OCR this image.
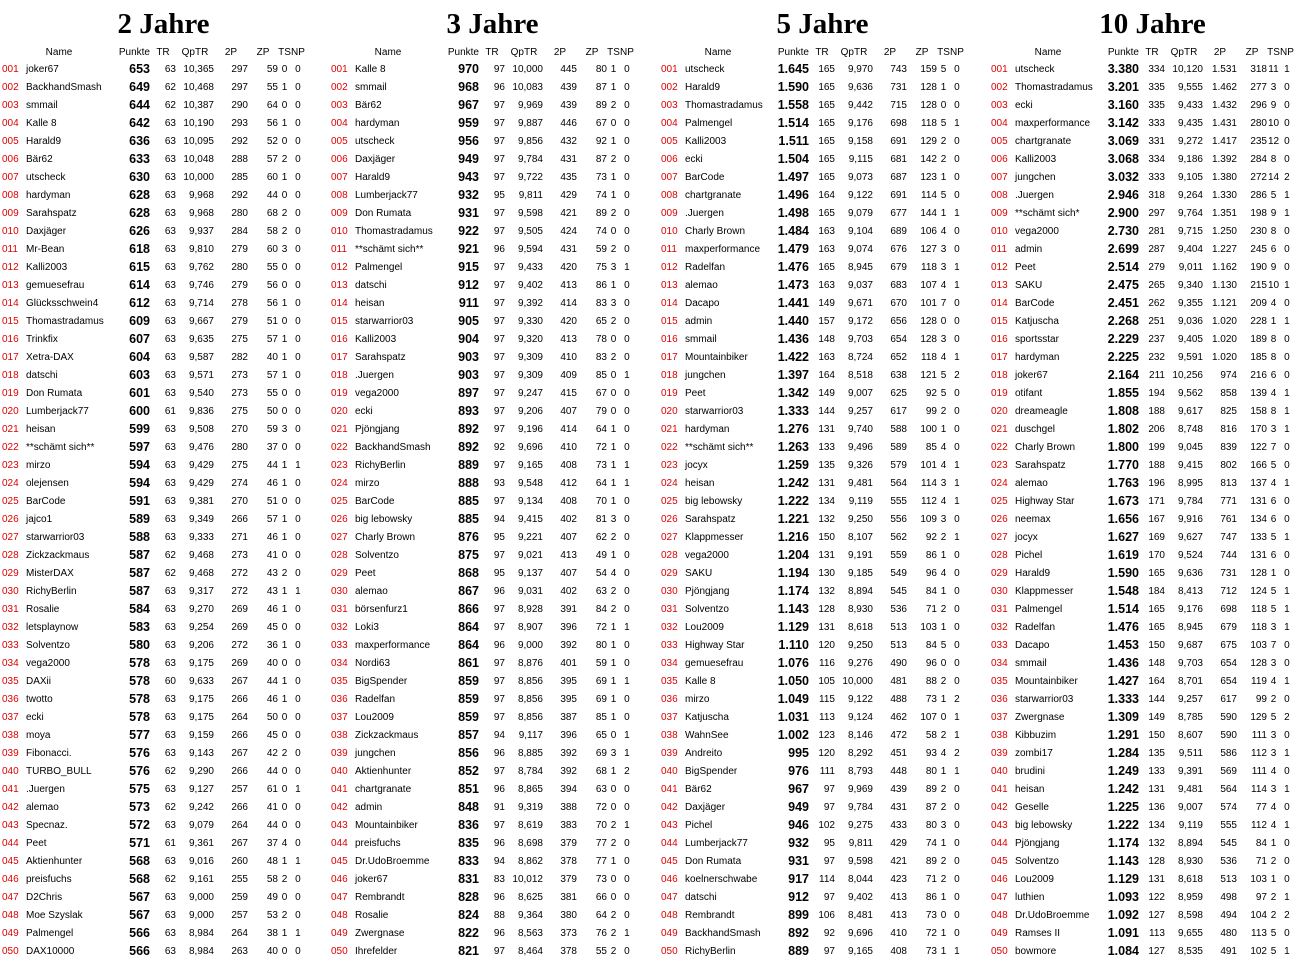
2 Jahre
Name		Punkte	TR	QpTR	2P	ZP	TS	NP
001	joker67	653	63	10,365	297	59	0	0
002	BackhandSmash	649	62	10,468	297	55	1	0
003	smmail	644	62	10,387	290	64	0	0
004	Kalle 8	642	63	10,190	293	56	1	0
005	Harald9	636	63	10,095	292	52	0	0
006	Bär62	633	63	10,048	288	57	2	0
007	utscheck	630	63	10,000	285	60	1	0
008	hardyman	628	63	9,968	292	44	0	0
009	Sarahspatz	628	63	9,968	280	68	2	0
010	Daxjäger	626	63	9,937	284	58	2	0
011	Mr-Bean	618	63	9,810	279	60	3	0
012	Kalli2003	615	63	9,762	280	55	0	0
013	gemuesefrau	614	63	9,746	279	56	0	0
014	Glücksschwein4	612	63	9,714	278	56	1	0
015	Thomastradamus	609	63	9,667	279	51	0	0
016	Trinkfix	607	63	9,635	275	57	1	0
017	Xetra-DAX	604	63	9,587	282	40	1	0
018	datschi	603	63	9,571	273	57	1	0
019	Don Rumata	601	63	9,540	273	55	0	0
020	Lumberjack77	600	61	9,836	275	50	0	0
021	heisan	599	63	9,508	270	59	3	0
022	**schämt sich**	597	63	9,476	280	37	0	0
023	mirzo	594	63	9,429	275	44	1	1
024	olejensen	594	63	9,429	274	46	1	0
025	BarCode	591	63	9,381	270	51	0	0
026	jajco1	589	63	9,349	266	57	1	0
027	starwarrior03	588	63	9,333	271	46	1	0
028	Zickzackmaus	587	62	9,468	273	41	0	0
029	MisterDAX	587	62	9,468	272	43	2	0
030	RichyBerlin	587	63	9,317	272	43	1	1
031	Rosalie	584	63	9,270	269	46	1	0
032	letsplaynow	583	63	9,254	269	45	0	0
033	Solventzo	580	63	9,206	272	36	1	0
034	vega2000	578	63	9,175	269	40	0	0
035	DAXii	578	60	9,633	267	44	1	0
036	twotto	578	63	9,175	266	46	1	0
037	ecki	578	63	9,175	264	50	0	0
038	moya	577	63	9,159	266	45	0	0
039	Fibonacci.	576	63	9,143	267	42	2	0
040	TURBO_BULL	576	62	9,290	266	44	0	0
041	.Juergen	575	63	9,127	257	61	0	1
042	alemao	573	62	9,242	266	41	0	0
043	Specnaz.	572	63	9,079	264	44	0	0
044	Peet	571	61	9,361	267	37	4	0
045	Aktienhunter	568	63	9,016	260	48	1	1
046	preisfuchs	568	62	9,161	255	58	2	0
047	D2Chris	567	63	9,000	259	49	0	0
048	Moe Szyslak	567	63	9,000	257	53	2	0
049	Palmengel	566	63	8,984	264	38	1	1
050	DAX10000	566	63	8,984	263	40	0	0
3 Jahre
Name		Punkte	TR	QpTR	2P	ZP	TS	NP
001	Kalle 8	970	97	10,000	445	80	1	0
002	smmail	968	96	10,083	439	87	1	0
003	Bär62	967	97	9,969	439	89	2	0
004	hardyman	959	97	9,887	446	67	0	0
005	utscheck	956	97	9,856	432	92	1	0
006	Daxjäger	949	97	9,784	431	87	2	0
007	Harald9	943	97	9,722	435	73	1	0
008	Lumberjack77	932	95	9,811	429	74	1	0
009	Don Rumata	931	97	9,598	421	89	2	0
010	Thomastradamus	922	97	9,505	424	74	0	0
011	**schämt sich**	921	96	9,594	431	59	2	0
012	Palmengel	915	97	9,433	420	75	3	1
013	datschi	912	97	9,402	413	86	1	0
014	heisan	911	97	9,392	414	83	3	0
015	starwarrior03	905	97	9,330	420	65	2	0
016	Kalli2003	904	97	9,320	413	78	0	0
017	Sarahspatz	903	97	9,309	410	83	2	0
018	.Juergen	903	97	9,309	409	85	0	1
019	vega2000	897	97	9,247	415	67	0	0
020	ecki	893	97	9,206	407	79	0	0
021	Pjöngjang	892	97	9,196	414	64	1	0
022	BackhandSmash	892	92	9,696	410	72	1	0
023	RichyBerlin	889	97	9,165	408	73	1	1
024	mirzo	888	93	9,548	412	64	1	1
025	BarCode	885	97	9,134	408	70	1	0
026	big lebowsky	885	94	9,415	402	81	3	0
027	Charly Brown	876	95	9,221	407	62	2	0
028	Solventzo	875	97	9,021	413	49	1	0
029	Peet	868	95	9,137	407	54	4	0
030	alemao	867	96	9,031	402	63	2	0
031	börsenfurz1	866	97	8,928	391	84	2	0
032	Loki3	864	97	8,907	396	72	1	1
033	maxperformance	864	96	9,000	392	80	1	0
034	Nordi63	861	97	8,876	401	59	1	0
035	BigSpender	859	97	8,856	395	69	1	1
036	Radelfan	859	97	8,856	395	69	1	0
037	Lou2009	859	97	8,856	387	85	1	0
038	Zickzackmaus	857	94	9,117	396	65	0	1
039	jungchen	856	96	8,885	392	69	3	1
040	Aktienhunter	852	97	8,784	392	68	1	2
041	chartgranate	851	96	8,865	394	63	0	0
042	admin	848	91	9,319	388	72	0	0
043	Mountainbiker	836	97	8,619	383	70	2	1
044	preisfuchs	835	96	8,698	379	77	2	0
045	Dr.UdoBroemme	833	94	8,862	378	77	1	0
046	joker67	831	83	10,012	379	73	0	0
047	Rembrandt	828	96	8,625	381	66	0	0
048	Rosalie	824	88	9,364	380	64	2	0
049	Zwergnase	822	96	8,563	373	76	2	1
050	Ihrefelder	821	97	8,464	378	55	2	0
5 Jahre
Name		Punkte	TR	QpTR	2P	ZP	TS	NP
001	utscheck	1.645	165	9,970	743	159	5	0
002	Harald9	1.590	165	9,636	731	128	1	0
003	Thomastradamus	1.558	165	9,442	715	128	0	0
004	Palmengel	1.514	165	9,176	698	118	5	1
005	Kalli2003	1.511	165	9,158	691	129	2	0
006	ecki	1.504	165	9,115	681	142	2	0
007	BarCode	1.497	165	9,073	687	123	1	0
008	chartgranate	1.496	164	9,122	691	114	5	0
009	.Juergen	1.498	165	9,079	677	144	1	1
010	Charly Brown	1.484	163	9,104	689	106	4	0
011	maxperformance	1.479	163	9,074	676	127	3	0
012	Radelfan	1.476	165	8,945	679	118	3	1
013	alemao	1.473	163	9,037	683	107	4	1
014	Dacapo	1.441	149	9,671	670	101	7	0
015	admin	1.440	157	9,172	656	128	0	0
016	smmail	1.436	148	9,703	654	128	3	0
017	Mountainbiker	1.422	163	8,724	652	118	4	1
018	jungchen	1.397	164	8,518	638	121	5	2
019	Peet	1.342	149	9,007	625	92	5	0
020	starwarrior03	1.333	144	9,257	617	99	2	0
021	hardyman	1.276	131	9,740	588	100	1	0
022	**schämt sich**	1.263	133	9,496	589	85	4	0
023	jocyx	1.259	135	9,326	579	101	4	1
024	heisan	1.242	131	9,481	564	114	3	1
025	big lebowsky	1.222	134	9,119	555	112	4	1
026	Sarahspatz	1.221	132	9,250	556	109	3	0
027	Klappmesser	1.216	150	8,107	562	92	2	1
028	vega2000	1.204	131	9,191	559	86	1	0
029	SAKU	1.194	130	9,185	549	96	4	0
030	Pjöngjang	1.174	132	8,894	545	84	1	0
031	Solventzo	1.143	128	8,930	536	71	2	0
032	Lou2009	1.129	131	8,618	513	103	1	0
033	Highway Star	1.110	120	9,250	513	84	5	0
034	gemuesefrau	1.076	116	9,276	490	96	0	0
035	Kalle 8	1.050	105	10,000	481	88	2	0
036	mirzo	1.049	115	9,122	488	73	1	2
037	Katjuscha	1.031	113	9,124	462	107	0	1
038	WahnSee	1.002	123	8,146	472	58	2	1
039	Andreito	995	120	8,292	451	93	4	2
040	BigSpender	976	111	8,793	448	80	1	1
041	Bär62	967	97	9,969	439	89	2	0
042	Daxjäger	949	97	9,784	431	87	2	0
043	Pichel	946	102	9,275	433	80	3	0
044	Lumberjack77	932	95	9,811	429	74	1	0
045	Don Rumata	931	97	9,598	421	89	2	0
046	koelnerschwabe	917	114	8,044	423	71	2	0
047	datschi	912	97	9,402	413	86	1	0
048	Rembrandt	899	106	8,481	413	73	0	0
049	BackhandSmash	892	92	9,696	410	72	1	0
050	RichyBerlin	889	97	9,165	408	73	1	1
10 Jahre
Name		Punkte	TR	QpTR	2P	ZP	TS	NP
001	utscheck	3.380	334	10,120	1.531	318	11	1
002	Thomastradamus	3.201	335	9,555	1.462	277	3	0
003	ecki	3.160	335	9,433	1.432	296	9	0
004	maxperformance	3.142	333	9,435	1.431	280	10	0
005	chartgranate	3.069	331	9,272	1.417	235	12	0
006	Kalli2003	3.068	334	9,186	1.392	284	8	0
007	jungchen	3.032	333	9,105	1.380	272	14	2
008	.Juergen	2.946	318	9,264	1.330	286	5	1
009	**schämt sich*	2.900	297	9,764	1.351	198	9	1
010	vega2000	2.730	281	9,715	1.250	230	8	0
011	admin	2.699	287	9,404	1.227	245	6	0
012	Peet	2.514	279	9,011	1.162	190	9	0
013	SAKU	2.475	265	9,340	1.130	215	10	1
014	BarCode	2.451	262	9,355	1.121	209	4	0
015	Katjuscha	2.268	251	9,036	1.020	228	1	1
016	sportsstar	2.229	237	9,405	1.020	189	8	0
017	hardyman	2.225	232	9,591	1.020	185	8	0
018	joker67	2.164	211	10,256	974	216	6	0
019	otifant	1.855	194	9,562	858	139	4	1
020	dreameagle	1.808	188	9,617	825	158	8	1
021	duschgel	1.802	206	8,748	816	170	3	1
022	Charly Brown	1.800	199	9,045	839	122	7	0
023	Sarahspatz	1.770	188	9,415	802	166	5	0
024	alemao	1.763	196	8,995	813	137	4	1
025	Highway Star	1.673	171	9,784	771	131	6	0
026	neemax	1.656	167	9,916	761	134	6	0
027	jocyx	1.627	169	9,627	747	133	5	1
028	Pichel	1.619	170	9,524	744	131	6	0
029	Harald9	1.590	165	9,636	731	128	1	0
030	Klappmesser	1.548	184	8,413	712	124	5	1
031	Palmengel	1.514	165	9,176	698	118	5	1
032	Radelfan	1.476	165	8,945	679	118	3	1
033	Dacapo	1.453	150	9,687	675	103	7	0
034	smmail	1.436	148	9,703	654	128	3	0
035	Mountainbiker	1.427	164	8,701	654	119	4	1
036	starwarrior03	1.333	144	9,257	617	99	2	0
037	Zwergnase	1.309	149	8,785	590	129	5	2
038	Kibbuzim	1.291	150	8,607	590	111	3	0
039	zombi17	1.284	135	9,511	586	112	3	1
040	brudini	1.249	133	9,391	569	111	4	0
041	heisan	1.242	131	9,481	564	114	3	1
042	Geselle	1.225	136	9,007	574	77	4	0
043	big lebowsky	1.222	134	9,119	555	112	4	1
044	Pjöngjang	1.174	132	8,894	545	84	1	0
045	Solventzo	1.143	128	8,930	536	71	2	0
046	Lou2009	1.129	131	8,618	513	103	1	0
047	luthien	1.093	122	8,959	498	97	2	1
048	Dr.UdoBroemme	1.092	127	8,598	494	104	2	2
049	Ramses II	1.091	113	9,655	480	113	5	0
050	bowmore	1.084	127	8,535	491	102	5	1
